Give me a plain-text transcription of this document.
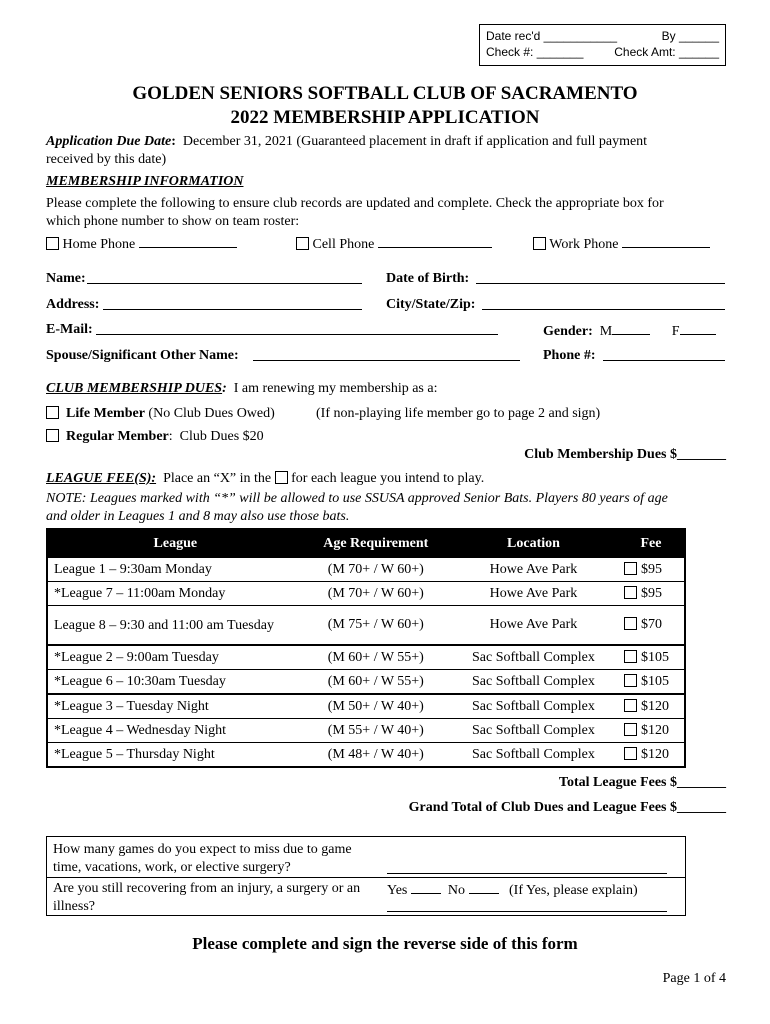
Date rec'd ___________	By ______
Check #: _______	Check Amt: ______
GOLDEN SENIORS SOFTBALL CLUB OF SACRAMENTO
2022 MEMBERSHIP APPLICATION
Application Due Date: December 31, 2021 (Guaranteed placement in draft if application and full payment
received by this date)
MEMBERSHIP INFORMATION
Please complete the following to ensure club records are updated and complete. Check the appropriate box for
which phone number to show on team roster:
Home Phone	Cell Phone	Work Phone
Name:	Date of Birth:
Address:	City/State/Zip:
E-Mail:	Gender: M	F
Spouse/Significant Other Name:	Phone #:
CLUB MEMBERSHIP DUES: I am renewing my membership as a:
Life Member (No Club Dues Owed)	(If non-playing life member go to page 2 and sign)
Regular Member:  Club Dues $20
Club Membership Dues $_______
LEAGUE FEE(S): Place an “X” in the for each league you intend to play.
NOTE: Leagues marked with “*” will be allowed to use SSUSA approved Senior Bats. Players 80 years of age
and older in Leagues 1 and 8 may also use those bats.
League	Age Requirement	Location	Fee
League 1 – 9:30am Monday	(M 70+ / W 60+)	Howe Ave Park	$95
*League 7 – 11:00am Monday	(M 70+ / W 60+)	Howe Ave Park	$95
League 8 – 9:30 and 11:00 am Tuesday	(M 75+ / W 60+)	Howe Ave Park	$70
*League 2 – 9:00am Tuesday	(M 60+ / W 55+)	Sac Softball Complex	$105
*League 6 – 10:30am Tuesday	(M 60+ / W 55+)	Sac Softball Complex	$105
*League 3 – Tuesday Night	(M 50+ / W 40+)	Sac Softball Complex	$120
*League 4 – Wednesday Night	(M 55+ / W 40+)	Sac Softball Complex	$120
*League 5 – Thursday Night	(M 48+ / W 40+)	Sac Softball Complex	$120
Total League Fees $_______
Grand Total of Club Dues and League Fees $_______
How many games do you expect to miss due to game time, vacations, work, or elective surgery?
Are you still recovering from an injury, a surgery or an illness?
Yes	No	(If Yes, please explain)
Please complete and sign the reverse side of this form
Page 1 of 4
